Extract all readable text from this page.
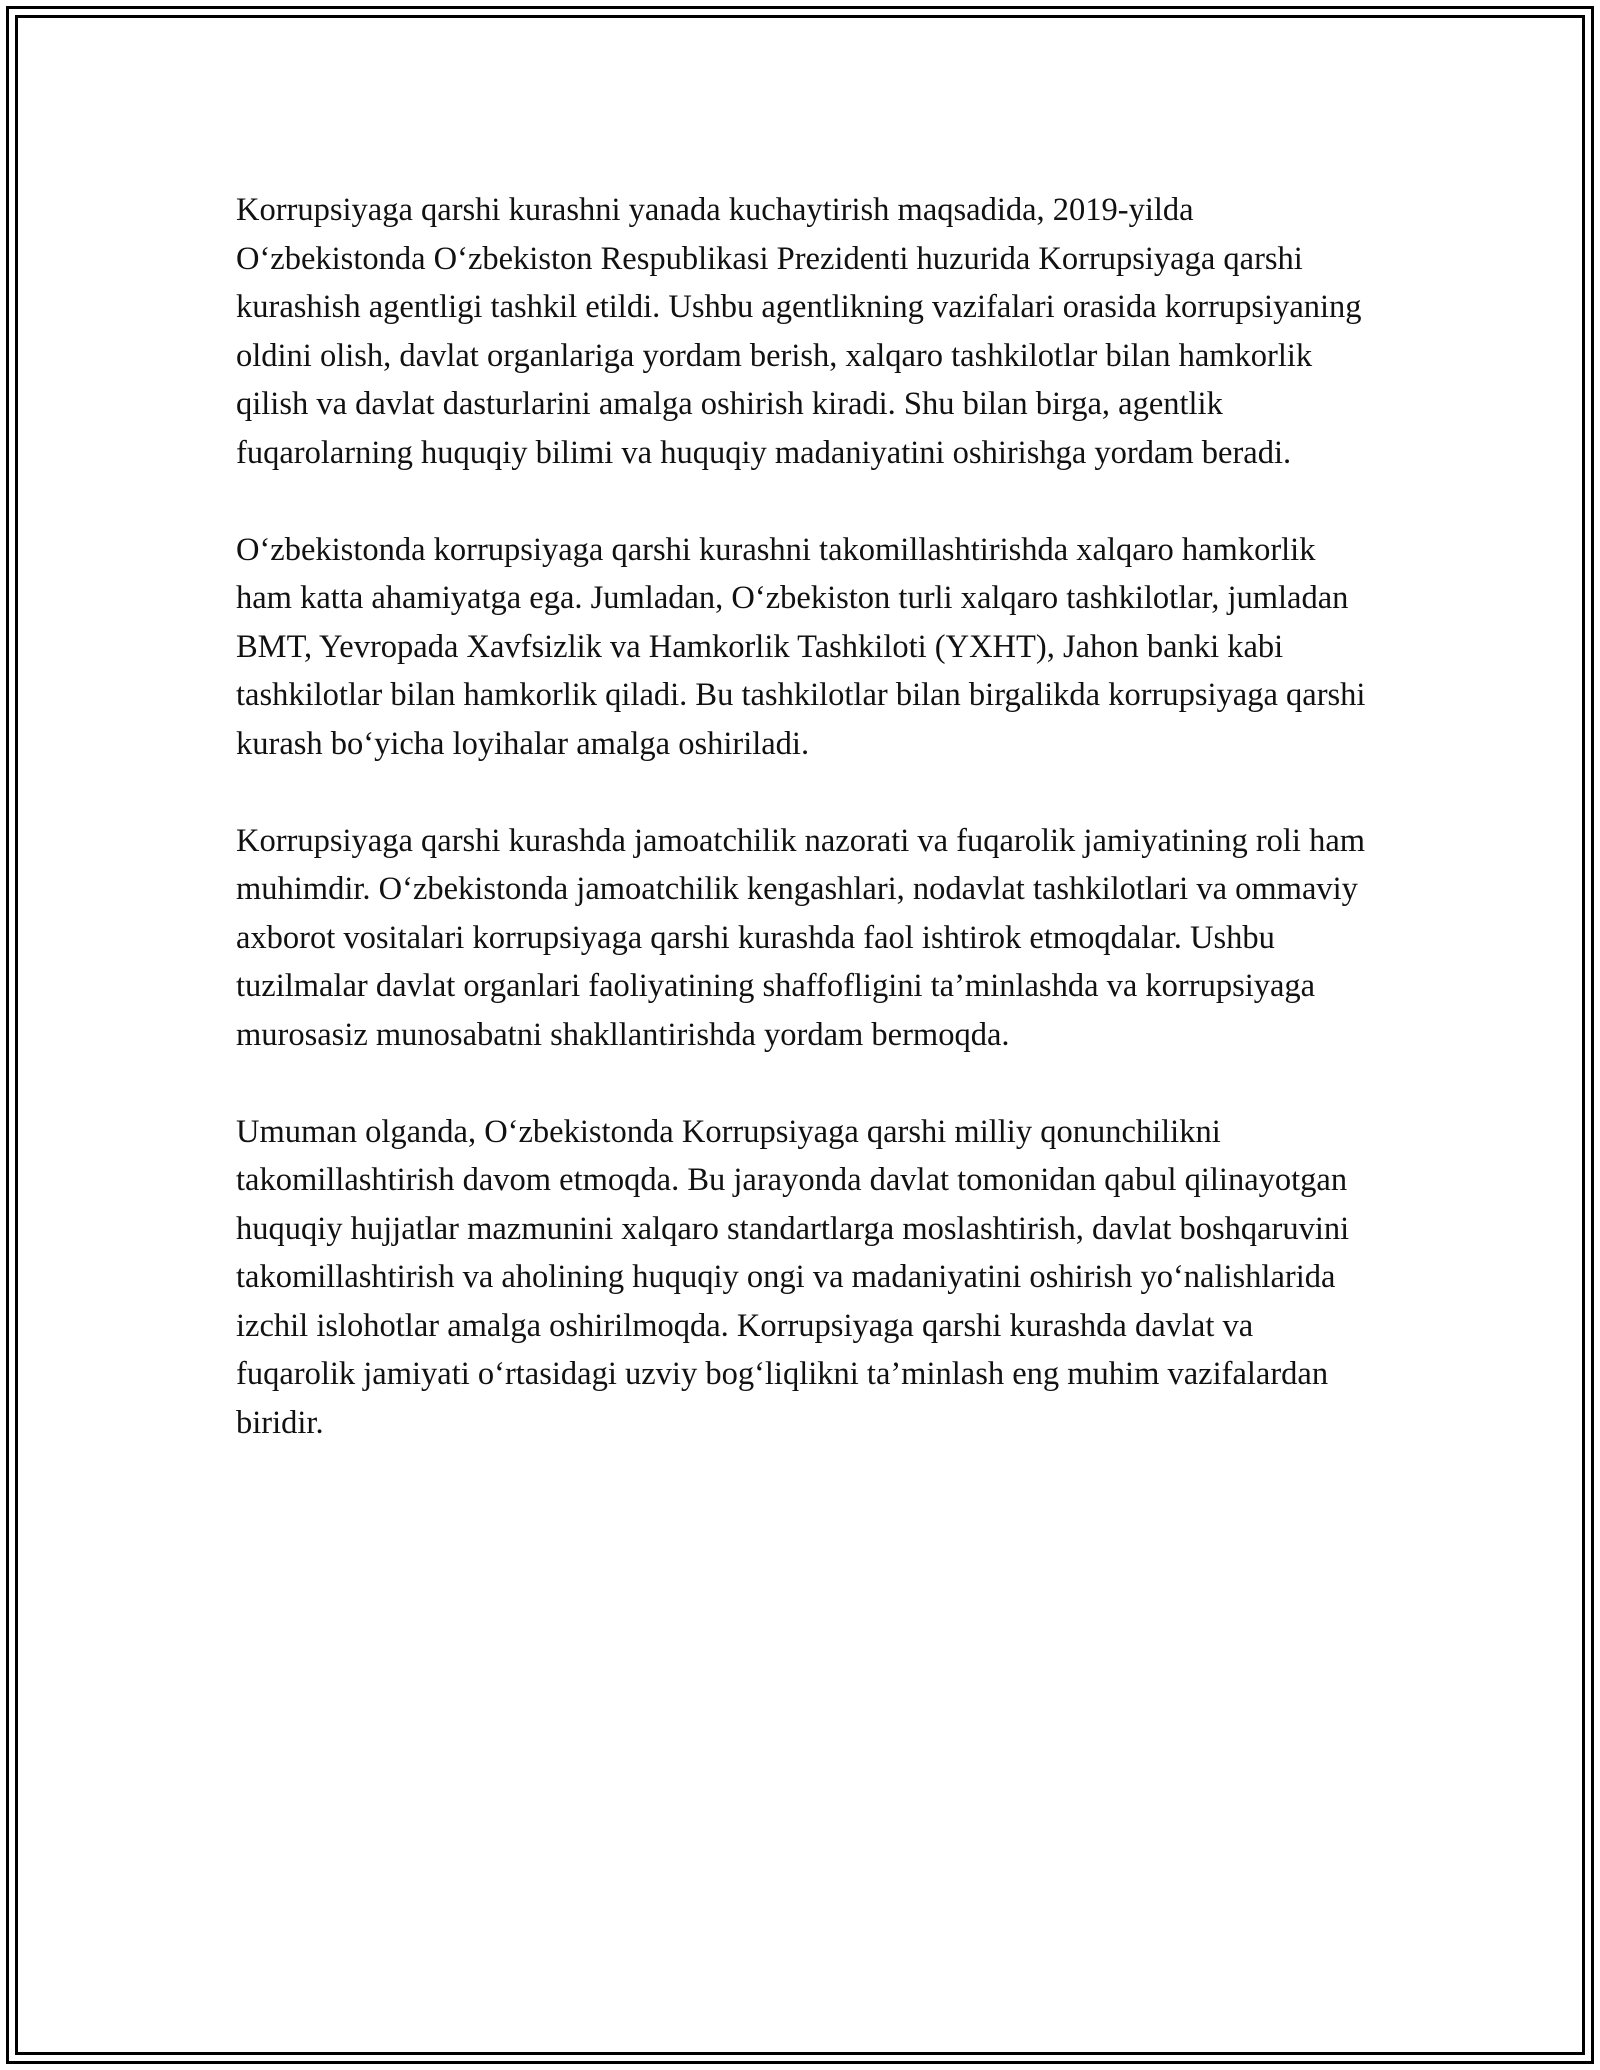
Korrupsiyaga qarshi kurashni yanada kuchaytirish maqsadida, 2019-yilda O‘zbekistonda O‘zbekiston Respublikasi Prezidenti huzurida Korrupsiyaga qarshi kurashish agentligi tashkil etildi. Ushbu agentlikning vazifalari orasida korrupsiyaning oldini olish, davlat organlariga yordam berish, xalqaro tashkilotlar bilan hamkorlik qilish va davlat dasturlarini amalga oshirish kiradi. Shu bilan birga, agentlik fuqarolarning huquqiy bilimi va huquqiy madaniyatini oshirishga yordam beradi.

O‘zbekistonda korrupsiyaga qarshi kurashni takomillashtirishda xalqaro hamkorlik ham katta ahamiyatga ega. Jumladan, O‘zbekiston turli xalqaro tashkilotlar, jumladan BMT, Yevropada Xavfsizlik va Hamkorlik Tashkiloti (YXHT), Jahon banki kabi tashkilotlar bilan hamkorlik qiladi. Bu tashkilotlar bilan birgalikda korrupsiyaga qarshi kurash bo‘yicha loyihalar amalga oshiriladi.

Korrupsiyaga qarshi kurashda jamoatchilik nazorati va fuqarolik jamiyatining roli ham muhimdir. O‘zbekistonda jamoatchilik kengashlari, nodavlat tashkilotlari va ommaviy axborot vositalari korrupsiyaga qarshi kurashda faol ishtirok etmoqdalar. Ushbu tuzilmalar davlat organlari faoliyatining shaffofligini ta’minlashda va korrupsiyaga murosasiz munosabatni shakllantirishda yordam bermoqda.

Umuman olganda, O‘zbekistonda Korrupsiyaga qarshi milliy qonunchilikni takomillashtirish davom etmoqda. Bu jarayonda davlat tomonidan qabul qilinayotgan huquqiy hujjatlar mazmunini xalqaro standartlarga moslashtirish, davlat boshqaruvini takomillashtirish va aholining huquqiy ongi va madaniyatini oshirish yo‘nalishlarida izchil islohotlar amalga oshirilmoqda. Korrupsiyaga qarshi kurashda davlat va fuqarolik jamiyati o‘rtasidagi uzviy bog‘liqlikni ta’minlash eng muhim vazifalardan biridir.
